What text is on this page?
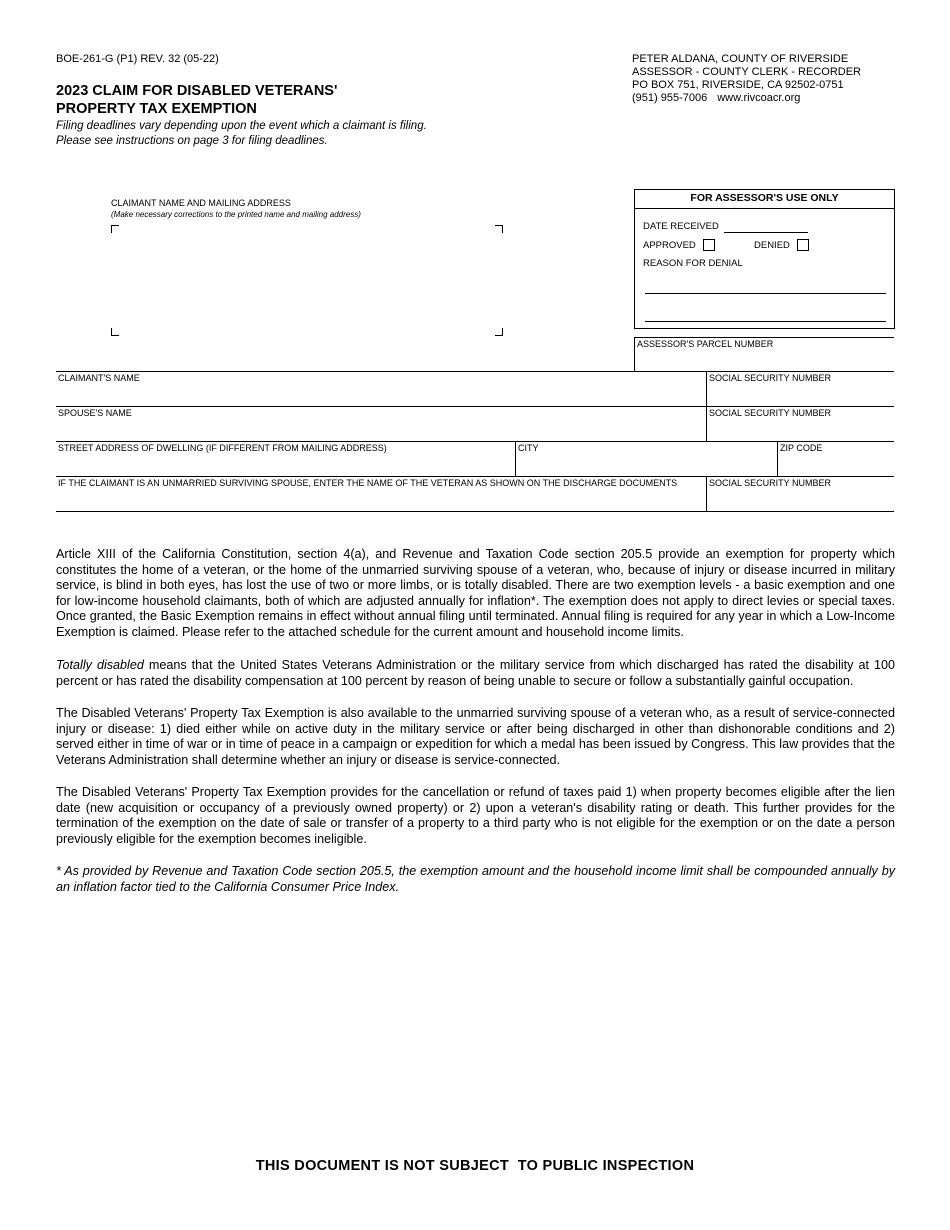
BOE-261-G (P1) REV. 32 (05-22)
2023 CLAIM FOR DISABLED VETERANS'
PROPERTY TAX EXEMPTION
Filing deadlines vary depending upon the event which a claimant is filing.
Please see instructions on page 3 for filing deadlines.
PETER ALDANA, COUNTY OF RIVERSIDE
ASSESSOR - COUNTY CLERK - RECORDER
PO BOX 751, RIVERSIDE, CA 92502-0751
(951) 955-7006 www.rivcoacr.org
CLAIMANT NAME AND MAILING ADDRESS
(Make necessary corrections to the printed name and mailing address)
FOR ASSESSOR'S USE ONLY
DATE RECEIVED
APPROVED	DENIED
REASON FOR DENIAL
ASSESSOR'S PARCEL NUMBER
CLAIMANT'S NAME	SOCIAL SECURITY NUMBER
SPOUSE'S NAME	SOCIAL SECURITY NUMBER
STREET ADDRESS OF DWELLING (IF DIFFERENT FROM MAILING ADDRESS)	CITY	ZIP CODE
IF THE CLAIMANT IS AN UNMARRIED SURVIVING SPOUSE, ENTER THE NAME OF THE VETERAN AS SHOWN ON THE DISCHARGE DOCUMENTS	SOCIAL SECURITY NUMBER
Article XIII of the California Constitution, section 4(a), and Revenue and Taxation Code section 205.5 provide an exemption for property which constitutes the home of a veteran, or the home of the unmarried surviving spouse of a veteran, who, because of injury or disease incurred in military service, is blind in both eyes, has lost the use of two or more limbs, or is totally disabled. There are two exemption levels - a basic exemption and one for low-income household claimants, both of which are adjusted annually for inflation*. The exemption does not apply to direct levies or special taxes. Once granted, the Basic Exemption remains in effect without annual filing until terminated. Annual filing is required for any year in which a Low-Income Exemption is claimed. Please refer to the attached schedule for the current amount and household income limits.
Totally disabled means that the United States Veterans Administration or the military service from which discharged has rated the disability at 100 percent or has rated the disability compensation at 100 percent by reason of being unable to secure or follow a substantially gainful occupation.
The Disabled Veterans' Property Tax Exemption is also available to the unmarried surviving spouse of a veteran who, as a result of service-connected injury or disease: 1) died either while on active duty in the military service or after being discharged in other than dishonorable conditions and 2) served either in time of war or in time of peace in a campaign or expedition for which a medal has been issued by Congress. This law provides that the Veterans Administration shall determine whether an injury or disease is service-connected.
The Disabled Veterans' Property Tax Exemption provides for the cancellation or refund of taxes paid 1) when property becomes eligible after the lien date (new acquisition or occupancy of a previously owned property) or 2) upon a veteran's disability rating or death. This further provides for the termination of the exemption on the date of sale or transfer of a property to a third party who is not eligible for the exemption or on the date a person previously eligible for the exemption becomes ineligible.
* As provided by Revenue and Taxation Code section 205.5, the exemption amount and the household income limit shall be compounded annually by an inflation factor tied to the California Consumer Price Index.
THIS DOCUMENT IS NOT SUBJECT  TO PUBLIC INSPECTION
